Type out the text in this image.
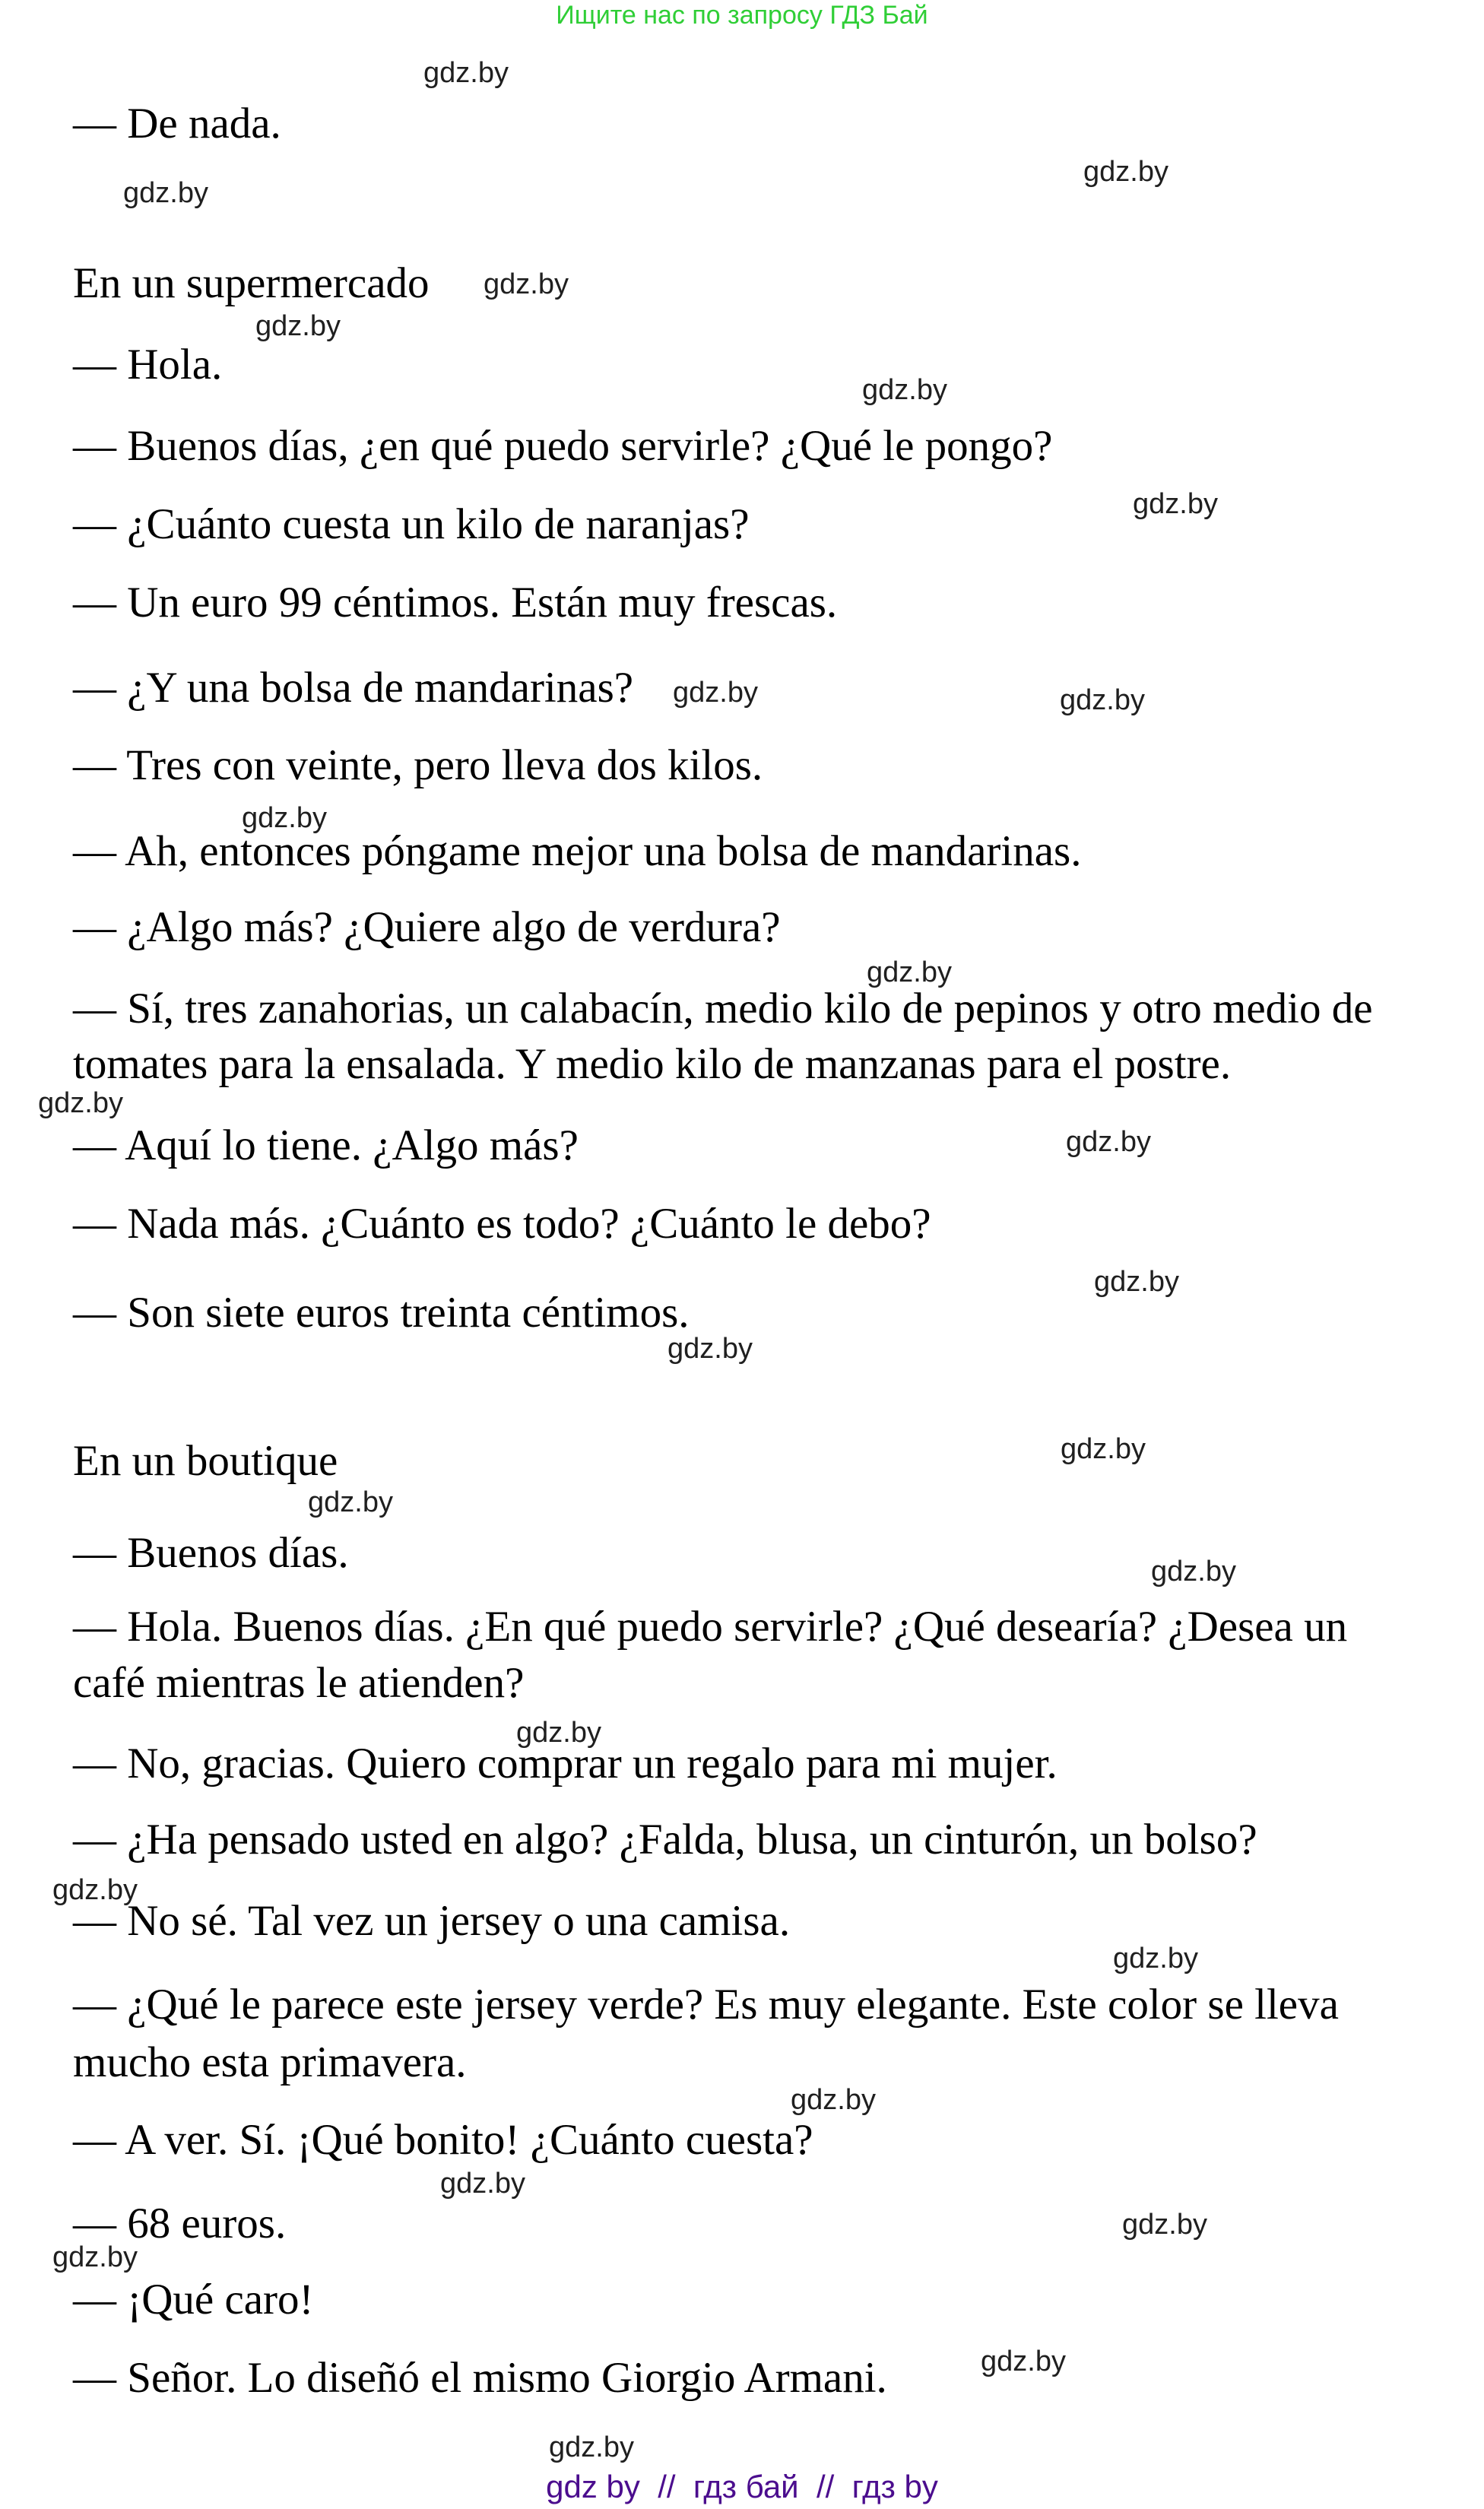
Ищите нас по запросу ГДЗ Бай
— De nada.
En un supermercado
— Hola.
— Buenos días, ¿en qué puedo servirle? ¿Qué le pongo?
— ¿Cuánto cuesta un kilo de naranjas?
— Un euro 99 céntimos. Están muy frescas.
— ¿Y una bolsa de mandarinas?
— Tres con veinte, pero lleva dos kilos.
— Ah, entonces póngame mejor una bolsa de mandarinas.
— ¿Algo más? ¿Quiere algo de verdura?
— Sí, tres zanahorias, un calabacín, medio kilo de pepinos y otro medio de
tomates para la ensalada. Y medio kilo de manzanas para el postre.
— Aquí lo tiene. ¿Algo más?
— Nada más. ¿Cuánto es todo? ¿Cuánto le debo?
— Son siete euros treinta céntimos.
En un boutique
— Buenos días.
— Hola. Buenos días. ¿En qué puedo servirle? ¿Qué desearía? ¿Desea un
café mientras le atienden?
— No, gracias. Quiero comprar un regalo para mi mujer.
— ¿Ha pensado usted en algo? ¿Falda, blusa, un cinturón, un bolso?
— No sé. Tal vez un jersey o una camisa.
— ¿Qué le parece este jersey verde? Es muy elegante. Este color se lleva
mucho esta primavera.
— A ver. Sí. ¡Qué bonito! ¿Cuánto cuesta?
— 68 euros.
— ¡Qué caro!
— Señor. Lo diseñó el mismo Giorgio Armani.
gdz.by
gdz.by
gdz.by
gdz.by
gdz.by
gdz.by
gdz.by
gdz.by	gdz.by
gdz.by
gdz.by
gdz.by
gdz.by
gdz.by
gdz.by
gdz.by
gdz.by
gdz.by
gdz.by
gdz.by
gdz.by
gdz.by
gdz.by
gdz.by
gdz.by
gdz.by
gdz.by
gdz by  //  гдз бай  //  гдз by
